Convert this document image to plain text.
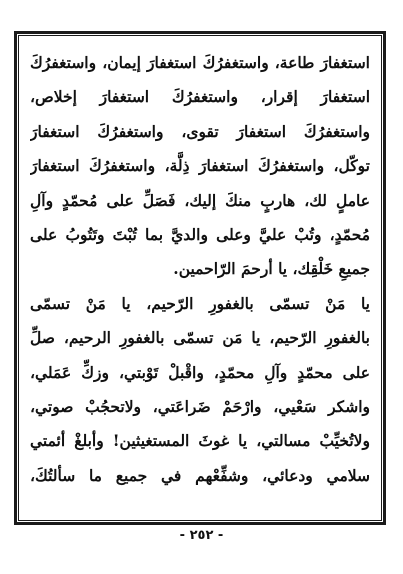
استغفارَ طاعة، واستغفرُكَ استغفارَ إيمان، واستغفرُكَ
استغفارَ إقرار، واستغفرُكَ استغفارَ إخلاص،
واستغفرُكَ استغفارَ تقوى، واستغفرُكَ استغفارَ
توكّل، واستغفرُكَ استغفارَ ذِلَّة، واستغفرُكَ استغفارَ
عاملٍ لك، هاربٍ منكَ إليك، فَصَلِّ على مُحمّدٍ وآلِ
مُحمّدٍ، وتُبْ عليَّ وعلى والديَّ بما تُبْتَ وتَتُوبُ على
جميعِ خَلْقِك، يا أرحمَ الرّاحمين.
يا مَنْ تسمّى بالغفورِ الرّحيم، يا مَنْ تسمّى
بالغفورِ الرّحيم، يا مَن تسمّى بالغفورِ الرحيم، صلِّ
على محمّدٍ وآلِ محمّدٍ، واقْبلْ تَوْبتي، وزكِّ عَمَلي،
واشكر سَعْيي، وارْحَمْ ضَراعَتي، ولاتحجُبْ صوتي،
ولاتُخيِّبْ مسالتي، يا غوثَ المستغيثين! وأبلغْ أئمتي
سلامي ودعائي، وشفِّعْهم في جميع ما سألتُكَ،
- ٢٥٢ -
